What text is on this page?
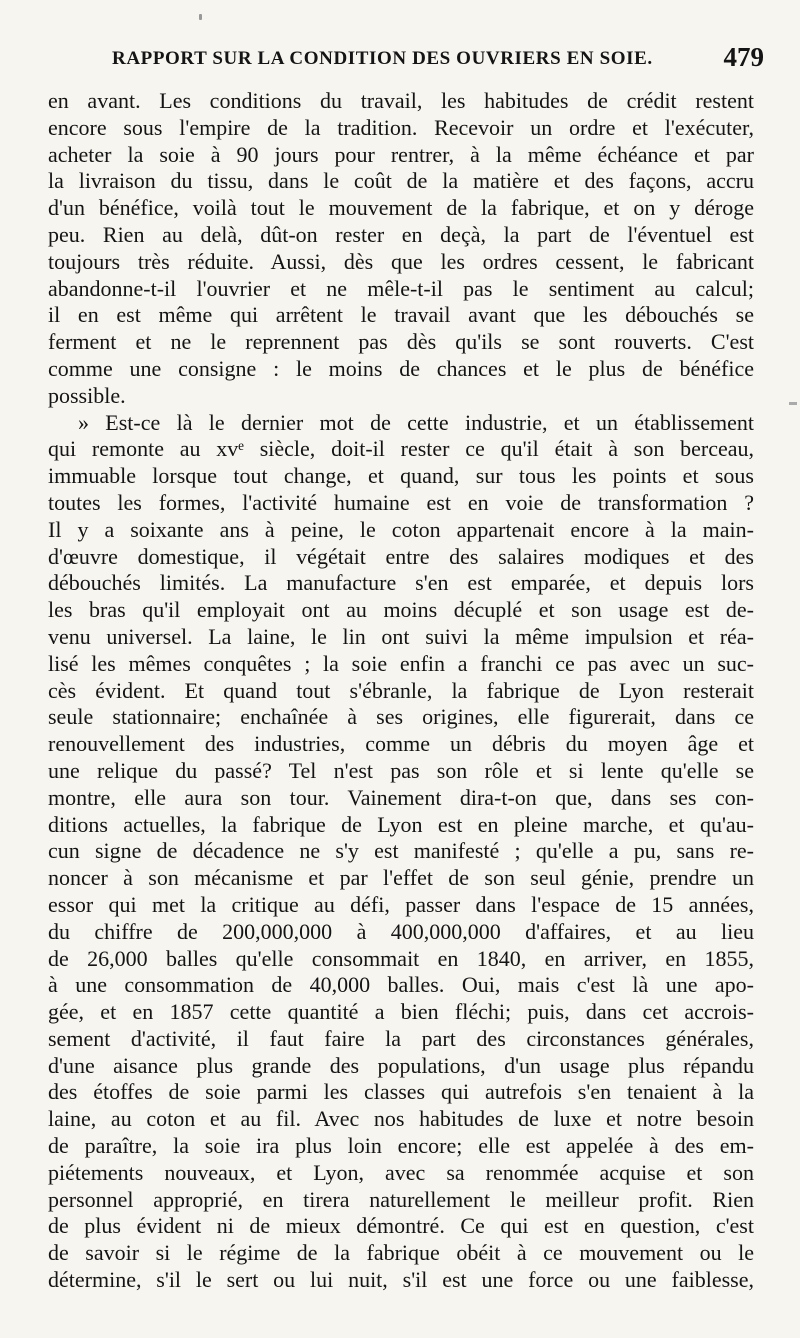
RAPPORT SUR LA CONDITION DES OUVRIERS EN SOIE.	479
en avant. Les conditions du travail, les habitudes de crédit restent
encore sous l'empire de la tradition. Recevoir un ordre et l'exécuter,
acheter la soie à 90 jours pour rentrer, à la même échéance et par
la livraison du tissu, dans le coût de la matière et des façons, accru
d'un bénéfice, voilà tout le mouvement de la fabrique, et on y déroge
peu. Rien au delà, dût-on rester en deçà, la part de l'éventuel est
toujours très réduite. Aussi, dès que les ordres cessent, le fabricant
abandonne-t-il l'ouvrier et ne mêle-t-il pas le sentiment au calcul;
il en est même qui arrêtent le travail avant que les débouchés se
ferment et ne le reprennent pas dès qu'ils se sont rouverts. C'est
comme une consigne : le moins de chances et le plus de bénéfice
possible.
» Est-ce là le dernier mot de cette industrie, et un établissement
qui remonte au xvᵉ siècle, doit-il rester ce qu'il était à son berceau,
immuable lorsque tout change, et quand, sur tous les points et sous
toutes les formes, l'activité humaine est en voie de transformation ?
Il y a soixante ans à peine, le coton appartenait encore à la main-
d'œuvre domestique, il végétait entre des salaires modiques et des
débouchés limités. La manufacture s'en est emparée, et depuis lors
les bras qu'il employait ont au moins décuplé et son usage est de-
venu universel. La laine, le lin ont suivi la même impulsion et réa-
lisé les mêmes conquêtes ; la soie enfin a franchi ce pas avec un suc-
cès évident. Et quand tout s'ébranle, la fabrique de Lyon resterait
seule stationnaire; enchaînée à ses origines, elle figurerait, dans ce
renouvellement des industries, comme un débris du moyen âge et
une relique du passé? Tel n'est pas son rôle et si lente qu'elle se
montre, elle aura son tour. Vainement dira-t-on que, dans ses con-
ditions actuelles, la fabrique de Lyon est en pleine marche, et qu'au-
cun signe de décadence ne s'y est manifesté ; qu'elle a pu, sans re-
noncer à son mécanisme et par l'effet de son seul génie, prendre un
essor qui met la critique au défi, passer dans l'espace de 15 années,
du chiffre de 200,000,000 à 400,000,000 d'affaires, et au lieu
de 26,000 balles qu'elle consommait en 1840, en arriver, en 1855,
à une consommation de 40,000 balles. Oui, mais c'est là une apo-
gée, et en 1857 cette quantité a bien fléchi; puis, dans cet accrois-
sement d'activité, il faut faire la part des circonstances générales,
d'une aisance plus grande des populations, d'un usage plus répandu
des étoffes de soie parmi les classes qui autrefois s'en tenaient à la
laine, au coton et au fil. Avec nos habitudes de luxe et notre besoin
de paraître, la soie ira plus loin encore; elle est appelée à des em-
piétements nouveaux, et Lyon, avec sa renommée acquise et son
personnel approprié, en tirera naturellement le meilleur profit. Rien
de plus évident ni de mieux démontré. Ce qui est en question, c'est
de savoir si le régime de la fabrique obéit à ce mouvement ou le
détermine, s'il le sert ou lui nuit, s'il est une force ou une faiblesse,
